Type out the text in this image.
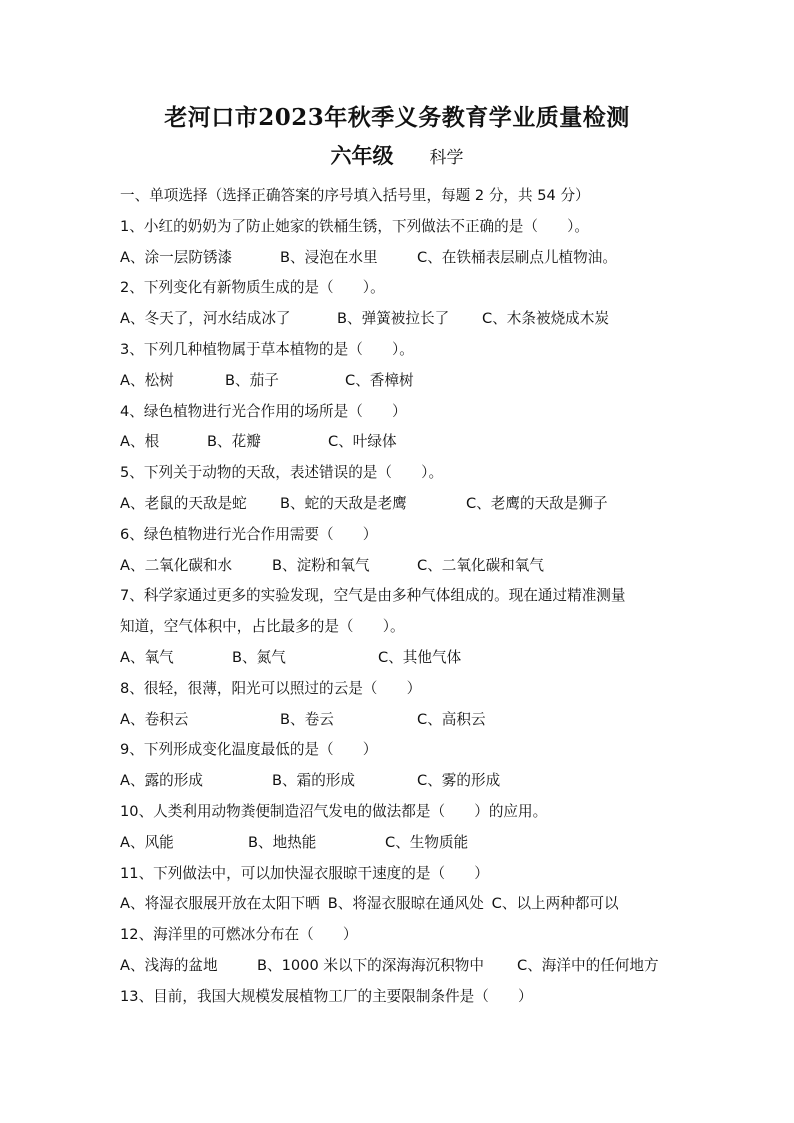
老河口市2023年秋季义务教育学业质量检测
六年级 科学
一、单项选择（选择正确答案的序号填入括号里，每题 2 分，共 54 分）
1、小红的奶奶为了防止她家的铁桶生锈，下列做法不正确的是（　　）。
A、涂一层防锈漆	B、浸泡在水里	C、在铁桶表层刷点儿植物油。
2、下列变化有新物质生成的是（　　）。
A、冬天了，河水结成冰了	B、弹簧被拉长了 C、木条被烧成木炭
3、下列几种植物属于草本植物的是（　　）。
A、松树	B、茄子	C、香樟树
4、绿色植物进行光合作用的场所是（　　）
A、根	B、花瓣	C、叶绿体
5、下列关于动物的天敌，表述错误的是（　　）。
A、老鼠的天敌是蛇 B、蛇的天敌是老鹰	C、老鹰的天敌是狮子
6、绿色植物进行光合作用需要（　　）
A、二氧化碳和水	B、淀粉和氧气	C、二氧化碳和氧气
7、科学家通过更多的实验发现，空气是由多种气体组成的。现在通过精准测量
知道，空气体积中，占比最多的是（　　）。
A、氧气	B、氮气	C、其他气体
8、很轻，很薄，阳光可以照过的云是（　　）
A、卷积云	B、卷云	C、高积云
9、下列形成变化温度最低的是（　　）
A、露的形成	B、霜的形成	C、雾的形成
10、人类利用动物粪便制造沼气发电的做法都是（　　）的应用。
A、风能	B、地热能	C、生物质能
11、下列做法中，可以加快湿衣服晾干速度的是（　　）
A、将湿衣服展开放在太阳下晒 B、将湿衣服晾在通风处 C、以上两种都可以
12、海洋里的可燃冰分布在（　　）
A、浅海的盆地	B、1000 米以下的深海海沉积物中 C、海洋中的任何地方
13、目前，我国大规模发展植物工厂的主要限制条件是（　　）
